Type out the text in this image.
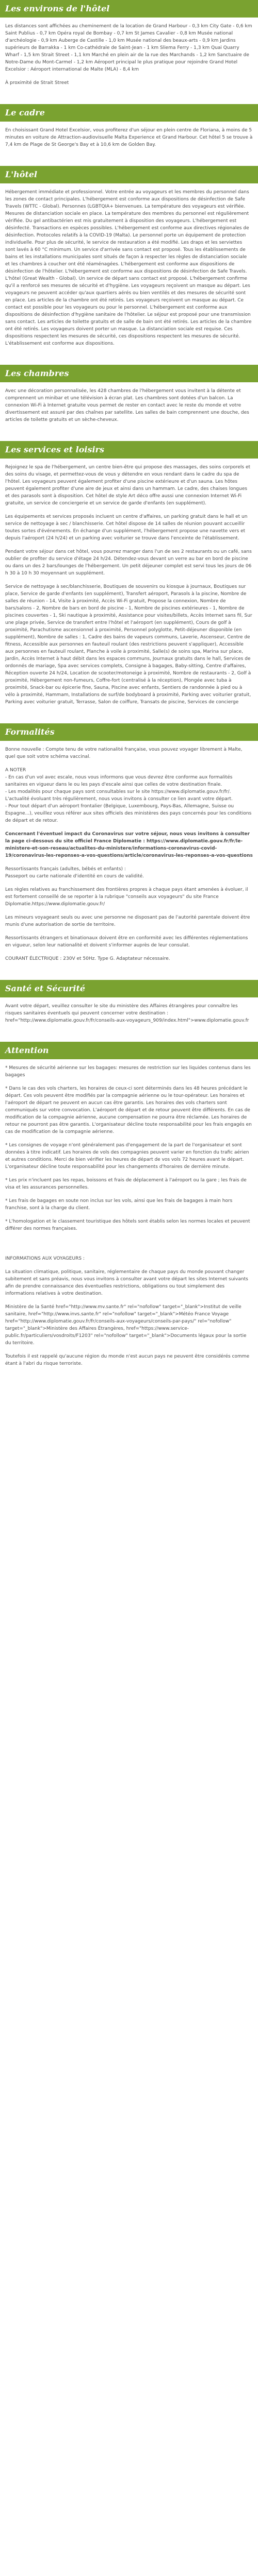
Les environs de l'hôtel

Les distances sont affichées au cheminement de la location de Grand Harbour - 0,3 km City Gate - 0,6 km Saint Publius - 0,7 km Opéra royal de Bombay - 0,7 km St James Cavalier - 0,8 km Musée national d'archéologie - 0,9 km Auberge de Castille - 1,0 km Musée national des beaux-arts - 0,9 km Jardins supérieurs de Barrakka - 1 km Co-cathédrale de Saint-Jean - 1 km Sliema Ferry - 1,3 km Quai Quarry Wharf - 1,5 km Strait Street - 1,1 km Marché en plein air de la rue des Marchands - 1,2 km Sanctuaire de Notre-Dame du Mont-Carmel - 1,2 km Aéroport principal le plus pratique pour rejoindre Grand Hotel Excelsior : Aéroport international de Malte (MLA) - 8,4 km

À proximité de Strait Street

Le cadre

En choisissant Grand Hotel Excelsior, vous profiterez d'un séjour en plein centre de Floriana, à moins de 5 minutes en voiture de Attraction-audiovisuelle Malta Experience et Grand Harbour. Cet hôtel 5 se trouve à 7,4 km de Plage de St George's Bay et à 10,6 km de Golden Bay.

L'hôtel

Hébergement immédiate et professionnel. Votre entrée au voyageurs et les membres du personnel dans les zones de contact principales. L'hébergement est conforme aux dispositions de désinfection de Safe Travels (WTTC - Global). Personnes (LGBTQIA+ bienvenues. La température des voyageurs est vérifiée. Mesures de distanciation sociale en place. La température des membres du personnel est régulièrement vérifiée. Du gel antibactérien est mis gratuitement à disposition des voyageurs. L'hébergement est désinfecté. Transactions en espèces possibles. L'hébergement est conforme aux directives régionales de désinfection. Protocoles relatifs à la COVID-19 (Malta). Le personnel porte un équipement de protection individuelle. Pour plus de sécurité, le service de restauration a été modifié. Les draps et les serviettes sont lavés à 60 °C minimum. Un service d'arrivée sans contact est proposé. Tous les établissements de bains et les installations municipales sont situés de façon à respecter les règles de distanciation sociale et les chambres à coucher ont été réaménagées. L'hébergement est conforme aux dispositions de désinfection de l'hôtelier. L'hébergement est conforme aux dispositions de désinfection de Safe Travels. L'hôtel (Great Wealth - Global). Un service de départ sans contact est proposé. L'hébergement confirme qu'il a renforcé ses mesures de sécurité et d'hygiène. Les voyageurs reçoivent un masque au départ. Les voyageurs ne peuvent accéder qu'aux quartiers aérés ou bien ventilés et des mesures de sécurité sont en place. Les articles de la chambre ont été retirés. Les voyageurs reçoivent un masque au départ. Ce contact est possible pour les voyageurs ou pour le personnel. L'hébergement est conforme aux dispositions de désinfection d'hygiène sanitaire de l'hôtelier. Le séjour est proposé pour une transmission sans contact. Les articles de toilette gratuits et de salle de bain ont été retirés. Les articles de la chambre ont été retirés. Les voyageurs doivent porter un masque. La distanciation sociale est requise. Ces dispositions respectent les mesures de sécurité, ces dispositions respectent les mesures de sécurité. L'établissement est conforme aux dispositions.

Les chambres

Avec une décoration personnalisée, les 428 chambres de l'hébergement vous invitent à la détente et comprennent un minibar et une télévision à écran plat. Les chambres sont dotées d'un balcon. La connexion Wi-Fi à Internet gratuite vous permet de rester en contact avec le reste du monde et votre divertissement est assuré par des chaînes par satellite. Les salles de bain comprennent une douche, des articles de toilette gratuits et un sèche-cheveux.

Les services et loisirs

Rejoignez le spa de l'hébergement, un centre bien-être qui propose des massages, des soins corporels et des soins du visage, et permettez-vous de vous y détendre en vous rendant dans le cadre du spa de l'hôtel. Les voyageurs peuvent également profiter d'une piscine extérieure et d'un sauna. Les hôtes peuvent également profiter d'une aire de jeux et ainsi dans un hammam. Le cadre, des chaises longues et des parasols sont à disposition. Cet hôtel de style Art déco offre aussi une connexion Internet Wi-Fi gratuite, un service de conciergerie et un service de garde d'enfants (en supplément).

Les équipements et services proposés incluent un centre d'affaires, un parking gratuit dans le hall et un service de nettoyage à sec / blanchisserie. Cet hôtel dispose de 14 salles de réunion pouvant accueillir toutes sortes d'événements. En échange d'un supplément, l'hébergement propose une navette vers et depuis l'aéroport (24 h/24) et un parking avec voiturier se trouve dans l'enceinte de l'établissement.

Pendant votre séjour dans cet hôtel, vous pourrez manger dans l'un de ses 2 restaurants ou un café, sans oublier de profiter du service d'étage 24 h/24. Détendez-vous devant un verre au bar en bord de piscine ou dans un des 2 bars/lounges de l'hébergement. Un petit déjeuner complet est servi tous les jours de 06 h 30 à 10 h 30 moyennant un supplément.

Service de nettoyage à sec/blanchisserie, Boutiques de souvenirs ou kiosque à journaux, Boutiques sur place, Service de garde d'enfants (en supplément), Transfert aéroport, Parasols à la piscine, Nombre de salles de réunion - 14, Visite à proximité, Accès Wi-Fi gratuit, Propose la connexion, Nombre de bars/salons - 2, Nombre de bars en bord de piscine - 1, Nombre de piscines extérieures - 1, Nombre de piscines couvertes - 1, Ski nautique à proximité, Assistance pour visites/billets, Accès Internet sans fil, Sur une plage privée, Service de transfert entre l'hôtel et l'aéroport (en supplément), Cours de golf à proximité, Parachutisme ascensionnel à proximité, Personnel polyglotte, Petit-déjeuner disponible (en supplément), Nombre de salles : 1, Cadre des bains de vapeurs communs, Laverie, Ascenseur, Centre de fitness, Accessible aux personnes en fauteuil roulant (des restrictions peuvent s'appliquer), Accessible aux personnes en fauteuil roulant, Planche à voile à proximité, Salle(s) de soins spa, Marina sur place, Jardin, Accès Internet à haut débit dans les espaces communs, Journaux gratuits dans le hall, Services de ordonnés de mariage, Spa avec services complets, Consigne à bagages, Baby-sitting, Centre d'affaires, Réception ouverte 24 h/24, Location de scooter/motoneige à proximité, Nombre de restaurants - 2, Golf à proximité, Hébergement non-fumeurs, Coffre-fort (centralisé à la réception), Plongée avec tuba à proximité, Snack-bar ou épicerie fine, Sauna, Piscine avec enfants, Sentiers de randonnée à pied ou à vélo à proximité, Hammam, Installations de surf/de bodyboard à proximité, Parking avec voiturier gratuit, Parking avec voiturier gratuit, Terrasse, Salon de coiffure, Transats de piscine, Services de concierge

Formalités

Bonne nouvelle : Compte tenu de votre nationalité française, vous pouvez voyager librement à Malte, quel que soit votre schéma vaccinal.

A NOTER
- En cas d'un vol avec escale, nous vous informons que vous devrez être conforme aux formalités sanitaires en vigueur dans le ou les pays d'escale ainsi que celles de votre destination finale.
- Les modalités pour chaque pays sont consultables sur le site https://www.diplomatie.gouv.fr/fr/. L'actualité évoluant très régulièrement, nous vous invitons à consulter ce lien avant votre départ.
- Pour tout départ d'un aéroport frontalier (Belgique, Luxembourg, Pays-Bas, Allemagne, Suisse ou Espagne...), veuillez vous référer aux sites officiels des ministères des pays concernés pour les conditions de départ et de retour.

Concernant l'éventuel impact du Coronavirus sur votre séjour, nous vous invitons à consulter la page ci-dessous du site officiel France Diplomatie : https://www.diplomatie.gouv.fr/fr/le-ministere-et-son-reseau/actualites-du-ministere/informations-coronavirus-covid-19/coronavirus-les-reponses-a-vos-questions/article/coronavirus-les-reponses-a-vos-questions

Ressortissants français (adultes, bébés et enfants) :
Passeport ou carte nationale d'identité en cours de validité.

Les règles relatives au franchissement des frontières propres à chaque pays étant amenées à évoluer, il est fortement conseillé de se reporter à la rubrique "conseils aux voyageurs" du site France Diplomatie.https://www.diplomatie.gouv.fr/

Les mineurs voyageant seuls ou avec une personne ne disposant pas de l'autorité parentale doivent être munis d'une autorisation de sortie de territoire.

Ressortissants étrangers et binationaux doivent être en conformité avec les différentes réglementations en vigueur, selon leur nationalité et doivent s'informer auprès de leur consulat.

COURANT ÉLECTRIQUE : 230V et 50Hz. Type G. Adaptateur nécessaire.

Santé et Sécurité

Avant votre départ, veuillez consulter le site du ministère des Affaires étrangères pour connaître les risques sanitaires éventuels qui peuvent concerner votre destination : href="http://www.diplomatie.gouv.fr/fr/conseils-aux-voyageurs_909/index.html">www.diplomatie.gouv.fr

Attention

* Mesures de sécurité aérienne sur les bagages: mesures de restriction sur les liquides contenus dans les bagages

* Dans le cas des vols charters, les horaires de ceux-ci sont déterminés dans les 48 heures précédant le départ. Ces vols peuvent être modifiés par la compagnie aérienne ou le tour-opérateur. Les horaires et l'aéroport de départ ne peuvent en aucun cas être garantis. Les horaires des vols charters sont communiqués sur votre convocation. L'aéroport de départ et de retour peuvent être différents. En cas de modification de la compagnie aérienne, aucune compensation ne pourra être réclamée. Les horaires de retour ne pourront pas être garantis. L'organisateur décline toute responsabilité pour les frais engagés en cas de modification de la compagnie aérienne.

* Les consignes de voyage n'ont généralement pas d'engagement de la part de l'organisateur et sont données à titre indicatif. Les horaires de vols des compagnies peuvent varier en fonction du trafic aérien et autres conditions. Merci de bien vérifier les heures de départ de vos vols 72 heures avant le départ. L'organisateur décline toute responsabilité pour les changements d'horaires de dernière minute.

* Les prix n'incluent pas les repas, boissons et frais de déplacement à l'aéroport ou la gare ; les frais de visa et les assurances personnelles.

* Les frais de bagages en soute non inclus sur les vols, ainsi que les frais de bagages à main hors franchise, sont à la charge du client.

* L'homologation et le classement touristique des hôtels sont établis selon les normes locales et peuvent différer des normes françaises.

INFORMATIONS AUX VOYAGEURS :

La situation climatique, politique, sanitaire, réglementaire de chaque pays du monde pouvant changer subitement et sans préavis, nous vous invitons à consulter avant votre départ les sites Internet suivants afin de prendre connaissance des éventuelles restrictions, obligations ou tout simplement des informations relatives à votre destination.

Ministère de la Santé href="http://www.mv.sante.fr" rel="nofollow" target="_blank">Institut de veille sanitaire, href="http://www.invs.sante.fr" rel="nofollow" target="_blank">Météo France Voyage href="http://www.diplomatie.gouv.fr/fr/conseils-aux-voyageurs/conseils-par-pays/" rel="nofollow" target="_blank">Ministère des Affaires Étrangères, href="https://www.service-public.fr/particuliers/vosdroits/F1203" rel="nofollow" target="_blank">Documents légaux pour la sortie du territoire.

Toutefois il est rappelé qu'aucune région du monde n'est aucun pays ne peuvent être considérés comme étant à l'abri du risque terroriste.
